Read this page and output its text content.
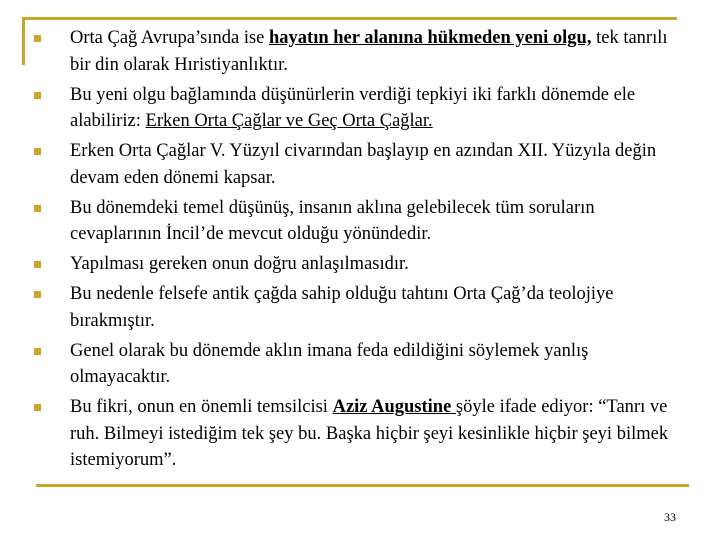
Orta Çağ Avrupa’sında ise hayatın her alanına hükmeden yeni olgu, tek tanrılı bir din olarak Hıristiyanlıktır.
Bu yeni olgu bağlamında düşünürlerin verdiği tepkiyi iki farklı dönemde ele alabiliriz: Erken Orta Çağlar ve Geç Orta Çağlar.
Erken Orta Çağlar V. Yüzyıl civarından başlayıp en azından XII. Yüzyıla değin devam eden dönemi kapsar.
Bu dönemdeki temel düşünüş, insanın aklına gelebilecek tüm soruların cevaplarının İncil’de mevcut olduğu yönündedir.
Yapılması gereken onun doğru anlaşılmasıdır.
Bu nedenle felsefe antik çağda sahip olduğu tahtını Orta Çağ’da teolojiye bırakmıştır.
Genel olarak bu dönemde aklın imana feda edildiğini söylemek yanlış olmayacaktır.
Bu fikri, onun en önemli temsilcisi Aziz Augustine şöyle ifade ediyor: “Tanrı ve ruh. Bilmeyi istediğim tek şey bu. Başka hiçbir şeyi kesinlikle hiçbir şeyi bilmek istemiyorum”.
33
